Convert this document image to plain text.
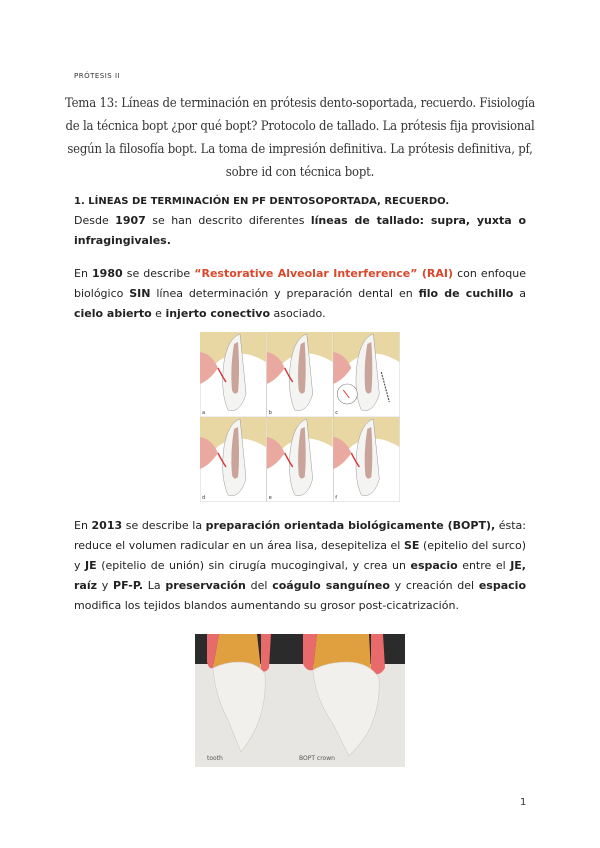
PRÓTESIS II
Tema 13: Líneas de terminación en prótesis dento-soportada, recuerdo. Fisiología de la técnica bopt ¿por qué bopt? Protocolo de tallado. La prótesis fija provisional según la filosofía bopt. La toma de impresión definitiva. La prótesis definitiva, pf, sobre id con técnica bopt.
1. LÍNEAS DE TERMINACIÓN EN PF DENTOSOPORTADA, RECUERDO.
Desde 1907 se han descrito diferentes líneas de tallado: supra, yuxta o infragingivales.
En 1980 se describe “Restorative Alveolar Interference” (RAI) con enfoque biológico SIN línea determinación y preparación dental en filo de cuchillo a cielo abierto e injerto conectivo asociado.
a	b	c
d	e	f
En 2013 se describe la preparación orientada biológicamente (BOPT), ésta: reduce el volumen radicular en un área lisa, desepiteliza el SE (epitelio del surco) y JE (epitelio de unión) sin cirugía mucogingival, y crea un espacio entre el JE, raíz y PF-P. La preservación del coágulo sanguíneo y creación del espacio modifica los tejidos blandos aumentando su grosor post-cicatrización.
tooth	BOPT crown
1
